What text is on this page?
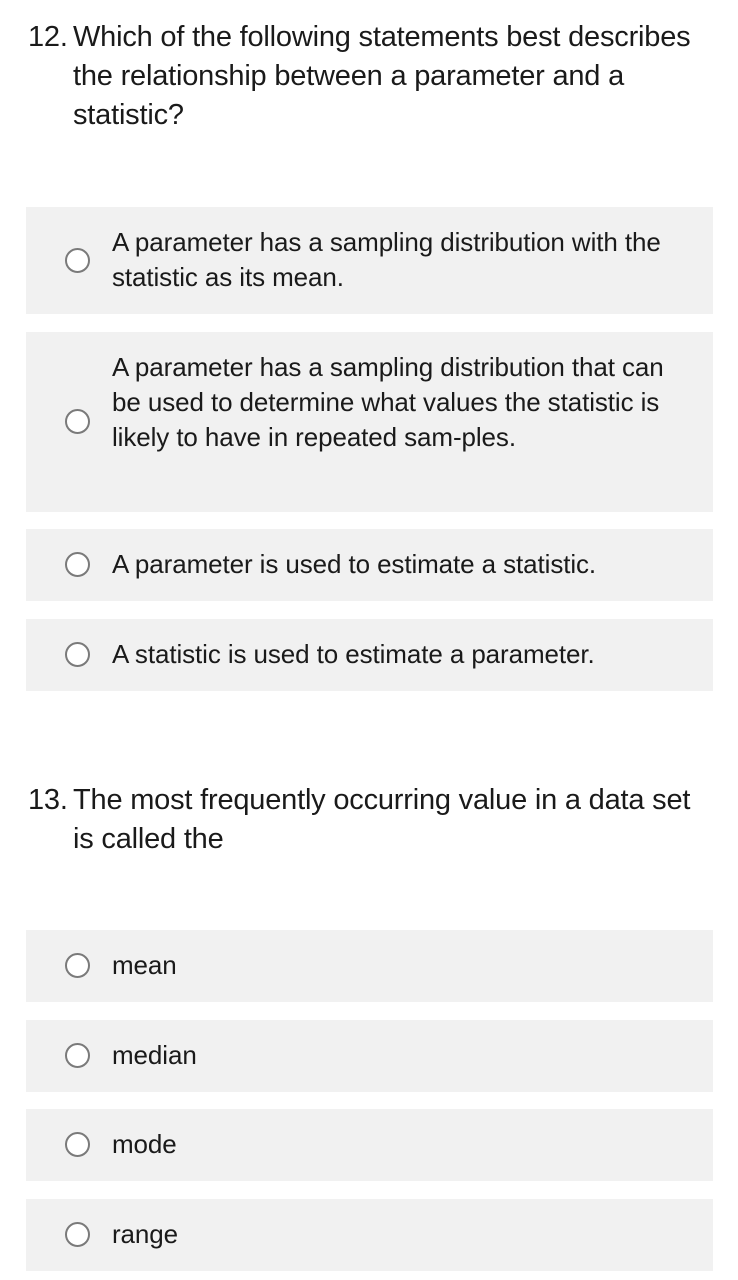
12. Which of the following statements best describes the relationship between a parameter and a statistic?
A parameter has a sampling distribution with the statistic as its mean.
A parameter has a sampling distribution that can be used to determine what values the statistic is likely to have in repeated sam-ples.
A parameter is used to estimate a statistic.
A statistic is used to estimate a parameter.
13. The most frequently occurring value in a data set is called the
mean
median
mode
range
